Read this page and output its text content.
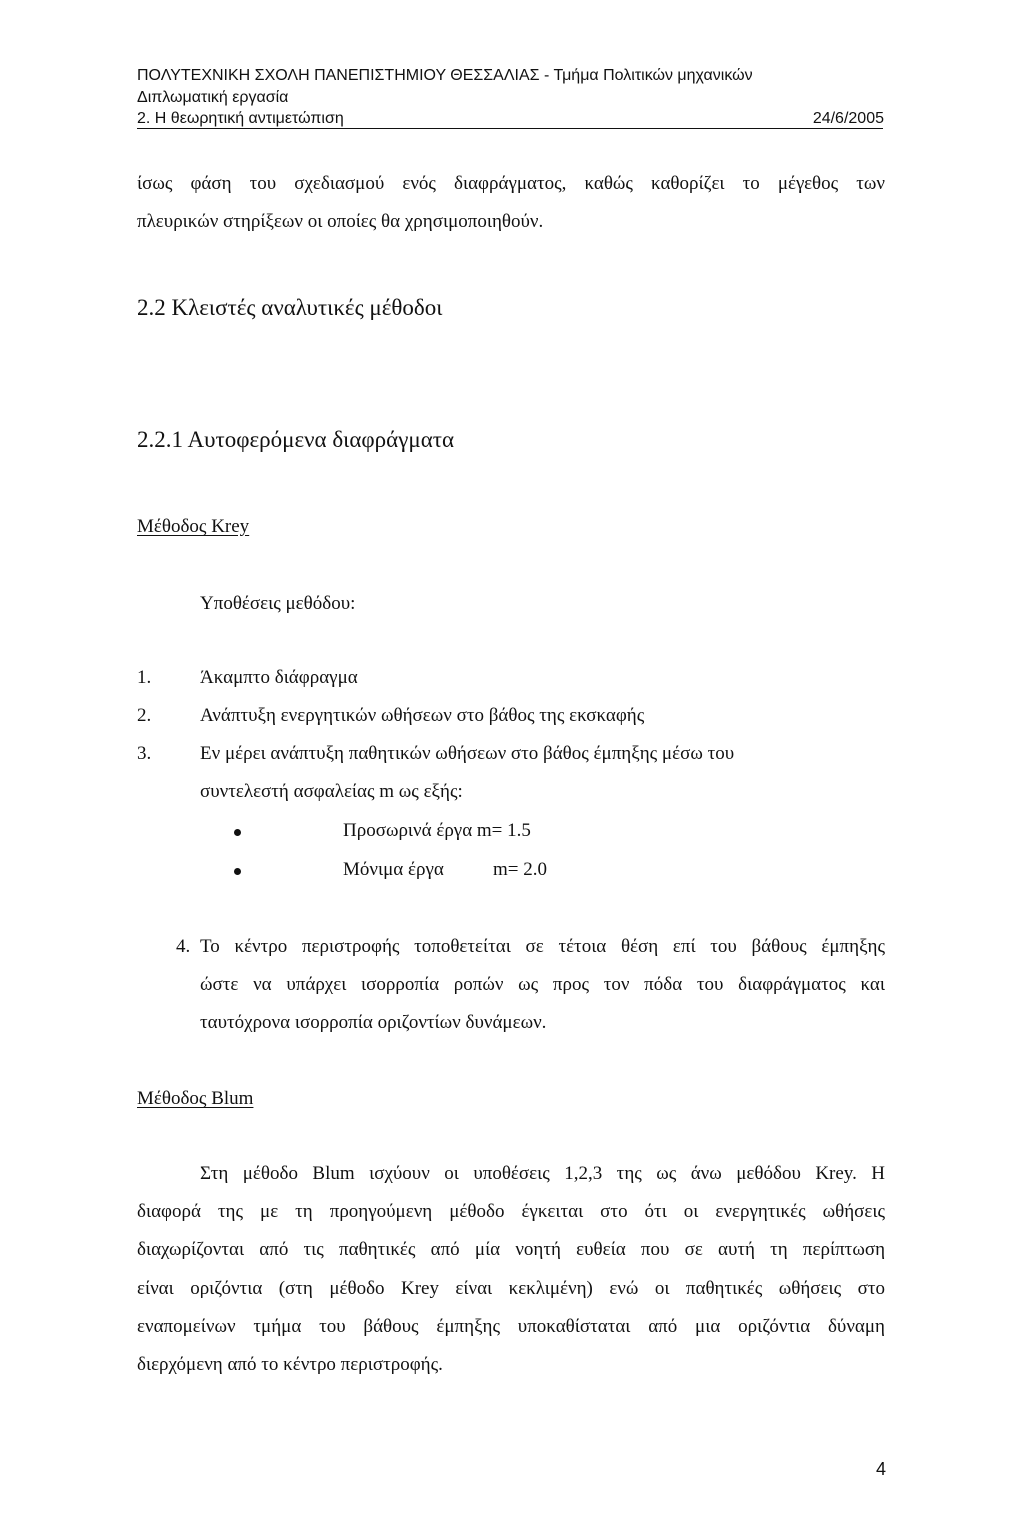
ΠΟΛΥΤΕΧΝΙΚΗ ΣΧΟΛΗ ΠΑΝΕΠΙΣΤΗΜΙΟΥ ΘΕΣΣΑΛΙΑΣ - Τμήμα Πολιτικών μηχανικών
Διπλωματική εργασία
2. Η θεωρητική αντιμετώπιση	24/6/2005
ίσως φάση του σχεδιασμού ενός διαφράγματος, καθώς καθορίζει το μέγεθος των
πλευρικών στηρίξεων οι οποίες θα χρησιμοποιηθούν.
2.2 Κλειστές αναλυτικές μέθοδοι
2.2.1 Αυτοφερόμενα διαφράγματα
Μέθοδος Krey
Υποθέσεις μεθόδου:
1.	Άκαμπτο διάφραγμα
2.	Ανάπτυξη ενεργητικών ωθήσεων στο βάθος της εκσκαφής
3.	Εν μέρει ανάπτυξη παθητικών ωθήσεων στο βάθος έμπηξης μέσω του
συντελεστή ασφαλείας m ως εξής:
Προσωρινά έργα m= 1.5
Μόνιμα έργα	m= 2.0
4. Το κέντρο περιστροφής τοποθετείται σε τέτοια θέση επί του βάθους έμπηξης
ώστε να υπάρχει ισορροπία ροπών ως προς τον πόδα του διαφράγματος και
ταυτόχρονα ισορροπία οριζοντίων δυνάμεων.
Μέθοδος Blum
Στη μέθοδο Blum ισχύουν οι υποθέσεις 1,2,3 της ως άνω μεθόδου Krey. Η
διαφορά της με τη προηγούμενη μέθοδο έγκειται στο ότι οι ενεργητικές ωθήσεις
διαχωρίζονται από τις παθητικές από μία νοητή ευθεία που σε αυτή τη περίπτωση
είναι οριζόντια (στη μέθοδο Krey είναι κεκλιμένη) ενώ οι παθητικές ωθήσεις στο
εναπομείνων τμήμα του βάθους έμπηξης υποκαθίσταται από μια οριζόντια δύναμη
διερχόμενη από το κέντρο περιστροφής.
4
